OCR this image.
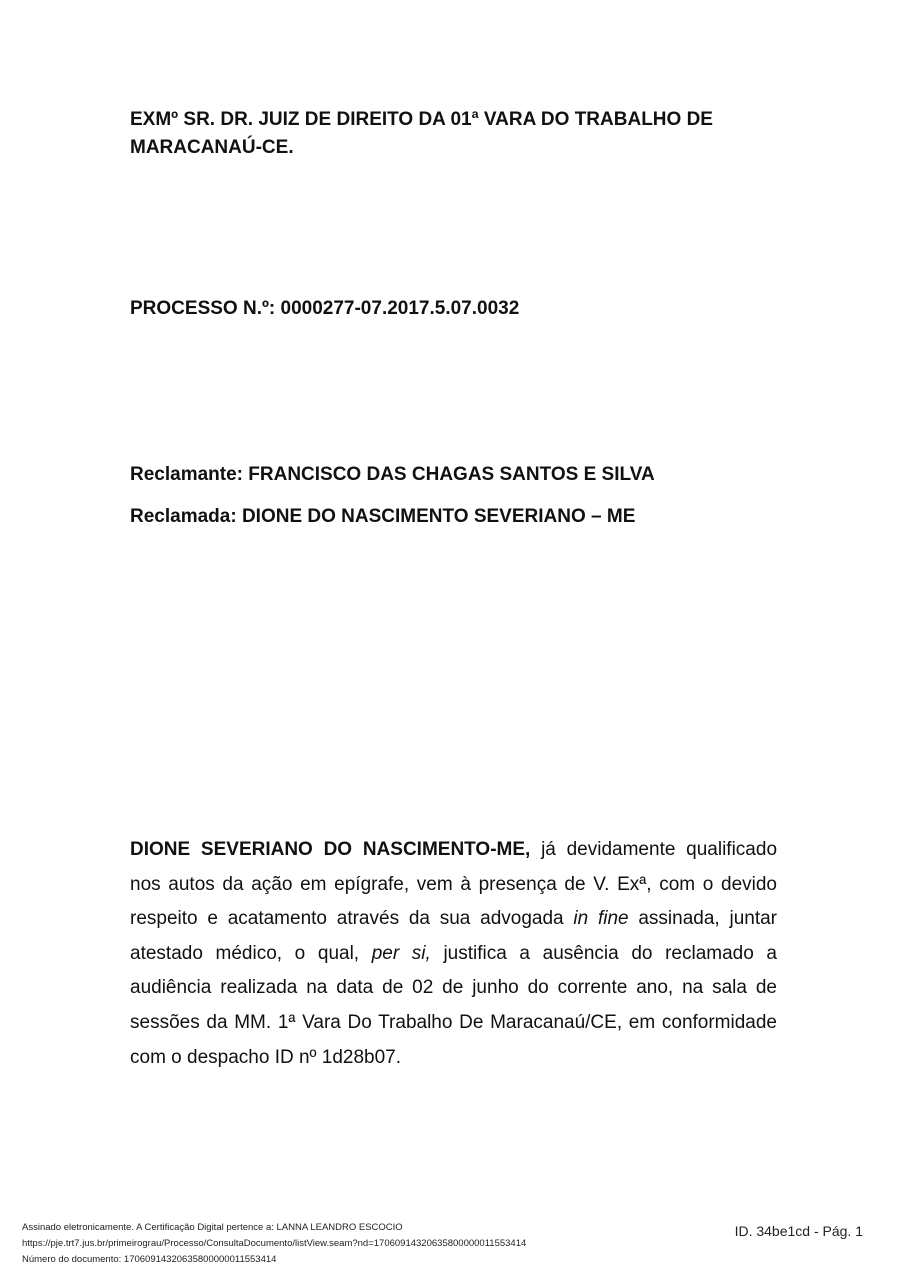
EXMº SR. DR. JUIZ DE DIREITO DA 01ª VARA DO TRABALHO DE MARACANAÚ-CE.

PROCESSO N.º: 0000277-07.2017.5.07.0032

Reclamante: FRANCISCO DAS CHAGAS SANTOS E SILVA

Reclamada: DIONE DO NASCIMENTO SEVERIANO – ME

DIONE SEVERIANO DO NASCIMENTO-ME, já devidamente qualificado nos autos da ação em epígrafe, vem à presença de V. Exª, com o devido respeito e acatamento através da sua advogada in fine assinada, juntar atestado médico, o qual, per si, justifica a ausência do reclamado a audiência realizada na data de 02 de junho do corrente ano, na sala de sessões da MM. 1ª Vara Do Trabalho De Maracanaú/CE, em conformidade com o despacho ID nº 1d28b07.

Assinado eletronicamente. A Certificação Digital pertence a: LANNA LEANDRO ESCOCIO
https://pje.trt7.jus.br/primeirograu/Processo/ConsultaDocumento/listView.seam?nd=17060914320635800000011553414
Número do documento: 17060914320635800000011553414
ID. 34be1cd - Pág. 1
